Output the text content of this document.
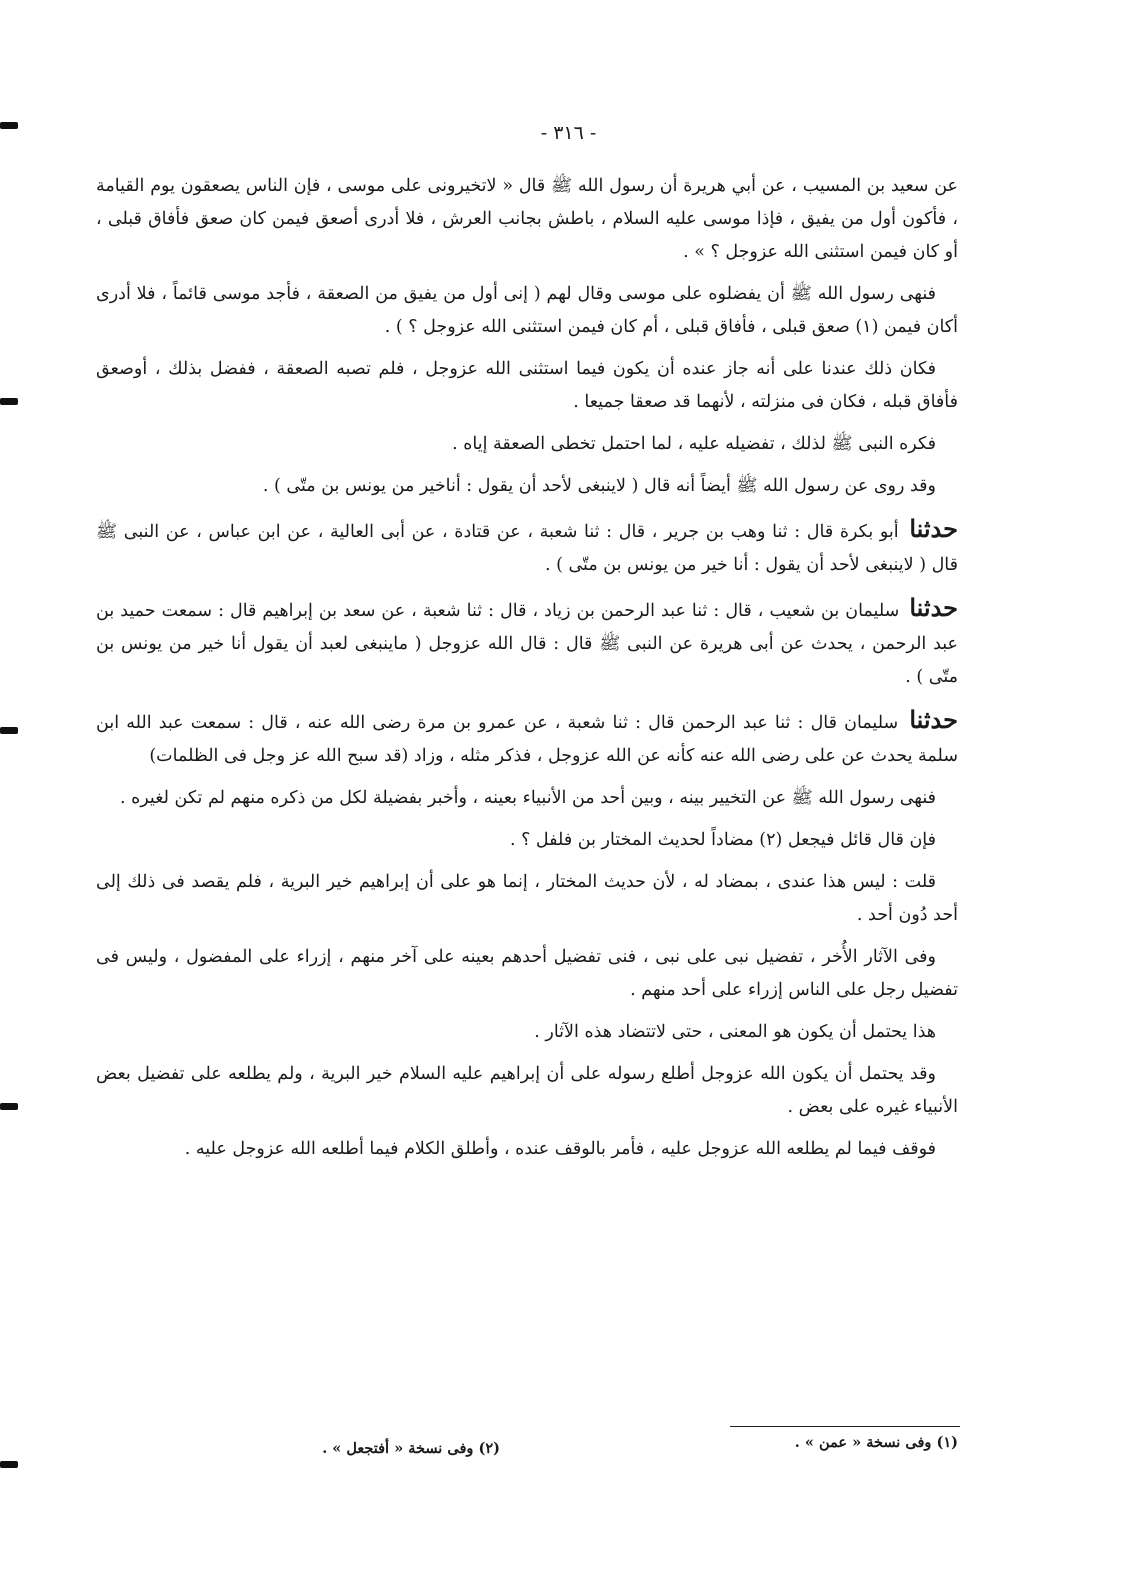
- ٣١٦ -

عن سعيد بن المسيب ، عن أبي هريرة أن رسول الله ﷺ قال « لاتخيرونى على موسى ، فإن الناس يصعقون يوم القيامة ، فأكون أول من يفيق ، فإذا موسى عليه السلام ، باطش بجانب العرش ، فلا أدرى أصعق فيمن كان صعق فأفاق قبلى ، أو كان فيمن استثنى الله عزوجل ؟ » .

فنهى رسول الله ﷺ أن يفضلوه على موسى وقال لهم ( إنى أول من يفيق من الصعقة ، فأجد موسى قائماً ، فلا أدرى أكان فيمن (١) صعق قبلى ، فأفاق قبلى ، أم كان فيمن استثنى الله عزوجل ؟ ) .

فكان ذلك عندنا على أنه جاز عنده أن يكون فيما استثنى الله عزوجل ، فلم تصبه الصعقة ، ففضل بذلك ، أوصعق فأفاق قبله ، فكان فى منزلته ، لأنهما قد صعقا جميعا .

فكره النبى ﷺ لذلك ، تفضيله عليه ، لما احتمل تخطى الصعقة إياه .

وقد روى عن رسول الله ﷺ أيضاً أنه قال ( لاينبغى لأحد أن يقول : أناخير من يونس بن متّى ) .

حدثنا أبو بكرة قال : ثنا وهب بن جرير ، قال : ثنا شعبة ، عن قتادة ، عن أبى العالية ، عن ابن عباس ، عن النبى ﷺ قال ( لاينبغى لأحد أن يقول : أنا خير من يونس بن متّى ) .

حدثنا سليمان بن شعيب ، قال : ثنا عبد الرحمن بن زياد ، قال : ثنا شعبة ، عن سعد بن إبراهيم قال : سمعت حميد بن عبد الرحمن ، يحدث عن أبى هريرة عن النبى ﷺ قال : قال الله عزوجل ( ماينبغى لعبد أن يقول أنا خير من يونس بن متّى ) .

حدثنا سليمان قال : ثنا عبد الرحمن قال : ثنا شعبة ، عن عمرو بن مرة رضى الله عنه ، قال : سمعت عبد الله ابن سلمة يحدث عن على رضى الله عنه كأنه عن الله عزوجل ، فذكر مثله ، وزاد (قد سبح الله عز وجل فى الظلمات)

فنهى رسول الله ﷺ عن التخيير بينه ، وبين أحد من الأنبياء بعينه ، وأخبر بفضيلة لكل من ذكره منهم لم تكن لغيره .

فإن قال قائل فيجعل (٢) مضاداً لحديث المختار بن فلفل ؟ .

قلت : ليس هذا عندى ، بمضاد له ، لأن حديث المختار ، إنما هو على أن إبراهيم خير البرية ، فلم يقصد فى ذلك إلى أحد دُون أحد .

وفى الآثار الأُخر ، تفضيل نبى على نبى ، فنى تفضيل أحدهم بعينه على آخر منهم ، إزراء على المفضول ، وليس فى تفضيل رجل على الناس إزراء على أحد منهم .

هذا يحتمل أن يكون هو المعنى ، حتى لاتتضاد هذه الآثار .

وقد يحتمل أن يكون الله عزوجل أطلع رسوله على أن إبراهيم عليه السلام خير البرية ، ولم يطلعه على تفضيل بعض الأنبياء غيره على بعض .

فوقف فيما لم يطلعه الله عزوجل عليه ، فأمر بالوقف عنده ، وأطلق الكلام فيما أطلعه الله عزوجل عليه .

(١) وفى نسخة « عمن » .
(٢) وفى نسخة « أفتجعل » .
